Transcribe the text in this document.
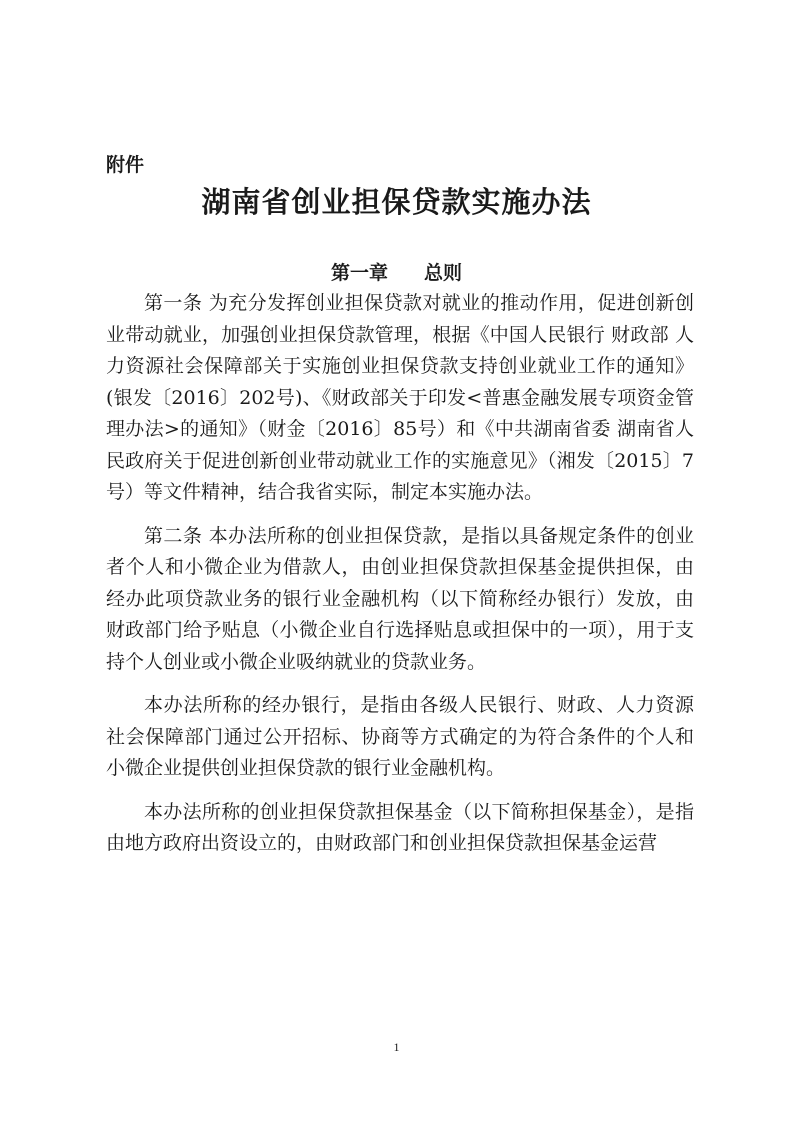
附件

湖南省创业担保贷款实施办法
第一章 总则

第一条 为充分发挥创业担保贷款对就业的推动作用，促进创新创业带动就业，加强创业担保贷款管理，根据《中国人民银行 财政部 人力资源社会保障部关于实施创业担保贷款支持创业就业工作的通知》(银发〔2016〕202号)、《财政部关于印发<普惠金融发展专项资金管理办法>的通知》（财金〔2016〕85号）和《中共湖南省委 湖南省人民政府关于促进创新创业带动就业工作的实施意见》（湘发〔2015〕7号）等文件精神，结合我省实际，制定本实施办法。

第二条 本办法所称的创业担保贷款，是指以具备规定条件的创业者个人和小微企业为借款人，由创业担保贷款担保基金提供担保，由经办此项贷款业务的银行业金融机构（以下简称经办银行）发放，由财政部门给予贴息（小微企业自行选择贴息或担保中的一项），用于支持个人创业或小微企业吸纳就业的贷款业务。

本办法所称的经办银行，是指由各级人民银行、财政、人力资源社会保障部门通过公开招标、协商等方式确定的为符合条件的个人和小微企业提供创业担保贷款的银行业金融机构。

本办法所称的创业担保贷款担保基金（以下简称担保基金），是指由地方政府出资设立的，由财政部门和创业担保贷款担保基金运营

1
